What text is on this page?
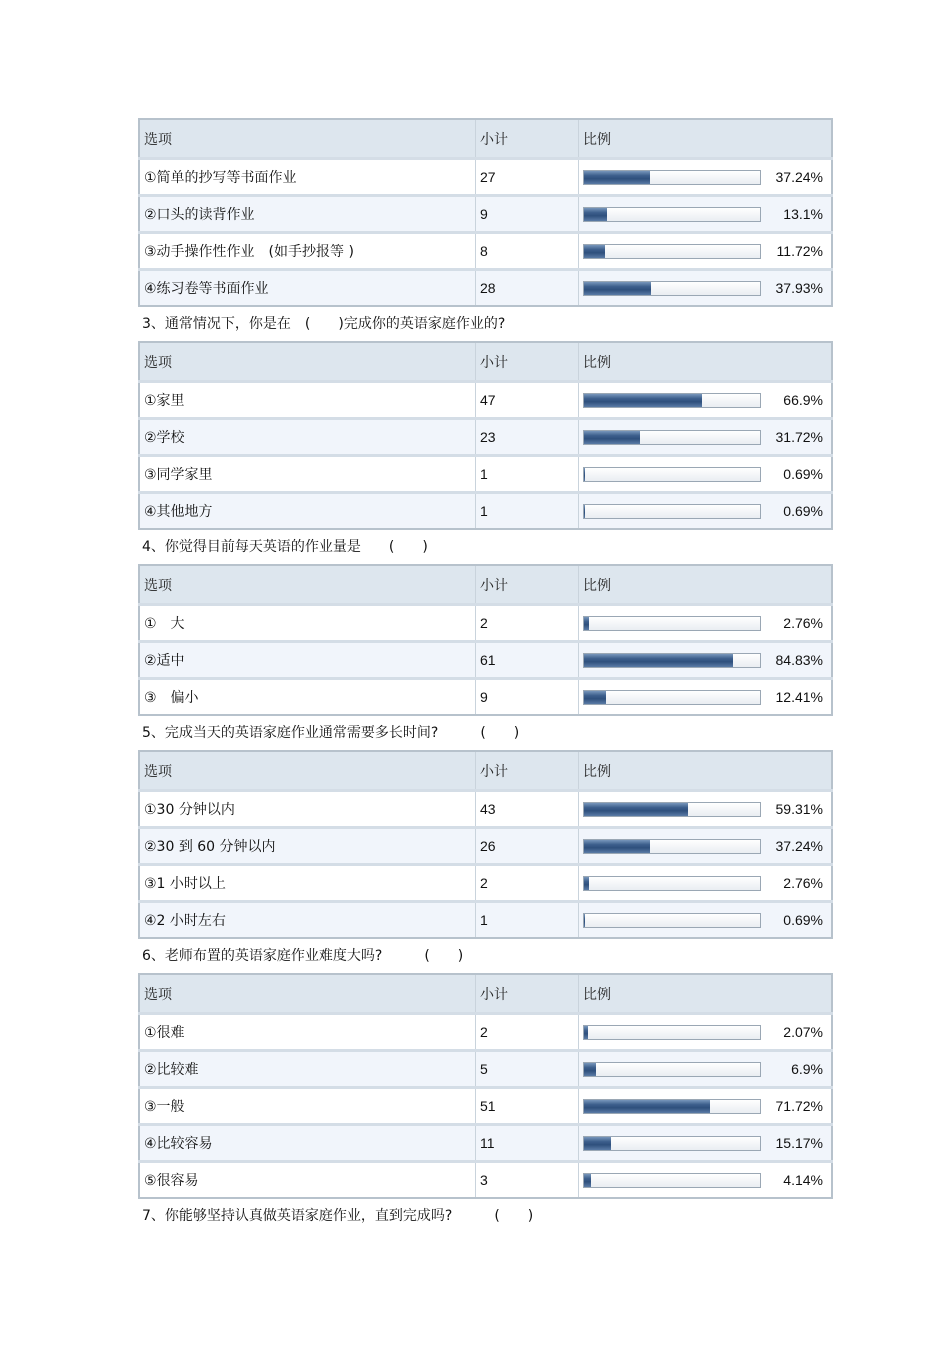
选项	小计	比例
①简单的抄写等书面作业	27	37.24%

②口头的读背作业	9	13.1%

③动手操作性作业　(如手抄报等 )	8	11.72%

④练习卷等书面作业	28	37.93%
3、通常情况下，你是在　(　　)完成你的英语家庭作业的?
选项	小计	比例
①家里	47	66.9%

②学校	23	31.72%

③同学家里	1	0.69%

④其他地方	1	0.69%
4、你觉得目前每天英语的作业量是　　(　　)
选项	小计	比例
①　大	2	2.76%

②适中	61	84.83%

③　偏小	9	12.41%
5、完成当天的英语家庭作业通常需要多长时间?　　　(　　)
选项	小计	比例
①30 分钟以内	43	59.31%

②30 到 60 分钟以内	26	37.24%

③1 小时以上	2	2.76%

④2 小时左右	1	0.69%
6、老师布置的英语家庭作业难度大吗?　　　(　　)
选项	小计	比例
①很难	2	2.07%

②比较难	5	6.9%

③一般	51	71.72%

④比较容易	11	15.17%

⑤很容易	3	4.14%
7、你能够坚持认真做英语家庭作业，直到完成吗?　　　(　　)
